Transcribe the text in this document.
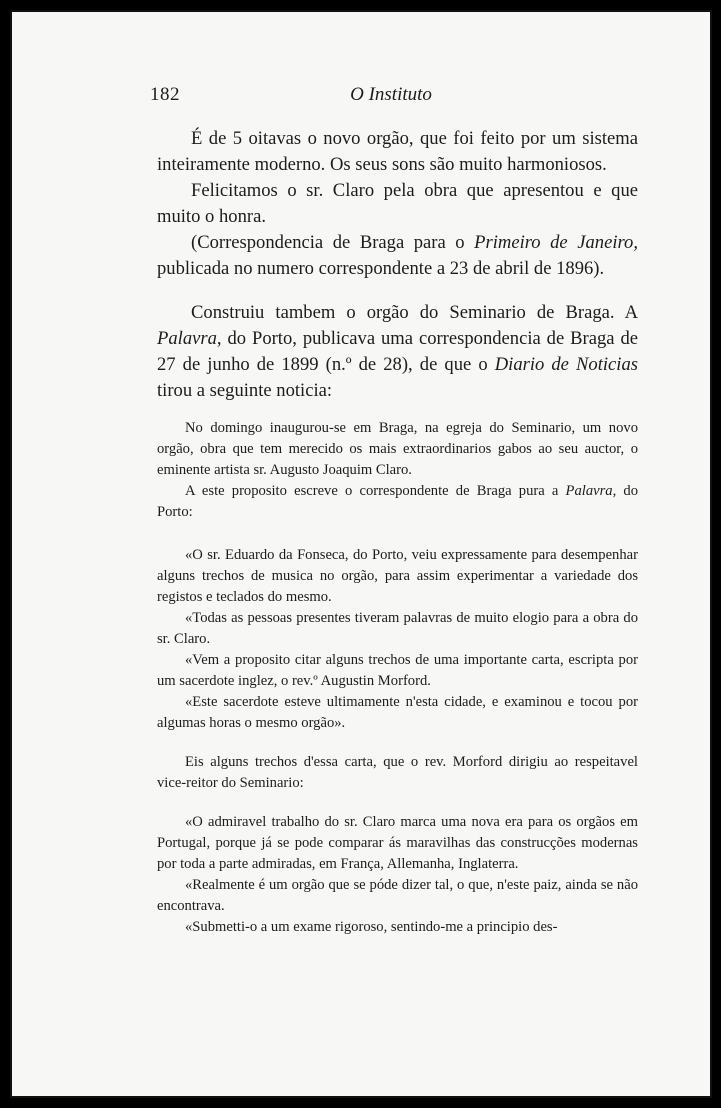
182	O Instituto

É de 5 oitavas o novo orgão, que foi feito por um sistema inteiramente moderno. Os seus sons são muito harmoniosos.

Felicitamos o sr. Claro pela obra que apresentou e que muito o honra.

(Correspondencia de Braga para o Primeiro de Janeiro, publicada no numero correspondente a 23 de abril de 1896).

Construiu tambem o orgão do Seminario de Braga. A Palavra, do Porto, publicava uma correspondencia de Braga de 27 de junho de 1899 (n.º de 28), de que o Diario de Noticias tirou a seguinte noticia:

No domingo inaugurou-se em Braga, na egreja do Seminario, um novo orgão, obra que tem merecido os mais extraordinarios gabos ao seu auctor, o eminente artista sr. Augusto Joaquim Claro.

A este proposito escreve o correspondente de Braga pura a Palavra, do Porto:

«O sr. Eduardo da Fonseca, do Porto, veiu expressamente para desempenhar alguns trechos de musica no orgão, para assim experimentar a variedade dos registos e teclados do mesmo.

«Todas as pessoas presentes tiveram palavras de muito elogio para a obra do sr. Claro.

«Vem a proposito citar alguns trechos de uma importante carta, escripta por um sacerdote inglez, o rev.º Augustin Morford.

«Este sacerdote esteve ultimamente n'esta cidade, e examinou e tocou por algumas horas o mesmo orgão».

Eis alguns trechos d'essa carta, que o rev. Morford dirigiu ao respeitavel vice-reitor do Seminario:

«O admiravel trabalho do sr. Claro marca uma nova era para os orgãos em Portugal, porque já se pode comparar ás maravilhas das construcções modernas por toda a parte admiradas, em França, Allemanha, Inglaterra.

«Realmente é um orgão que se póde dizer tal, o que, n'este paiz, ainda se não encontrava.

«Submetti-o a um exame rigoroso, sentindo-me a principio des-
